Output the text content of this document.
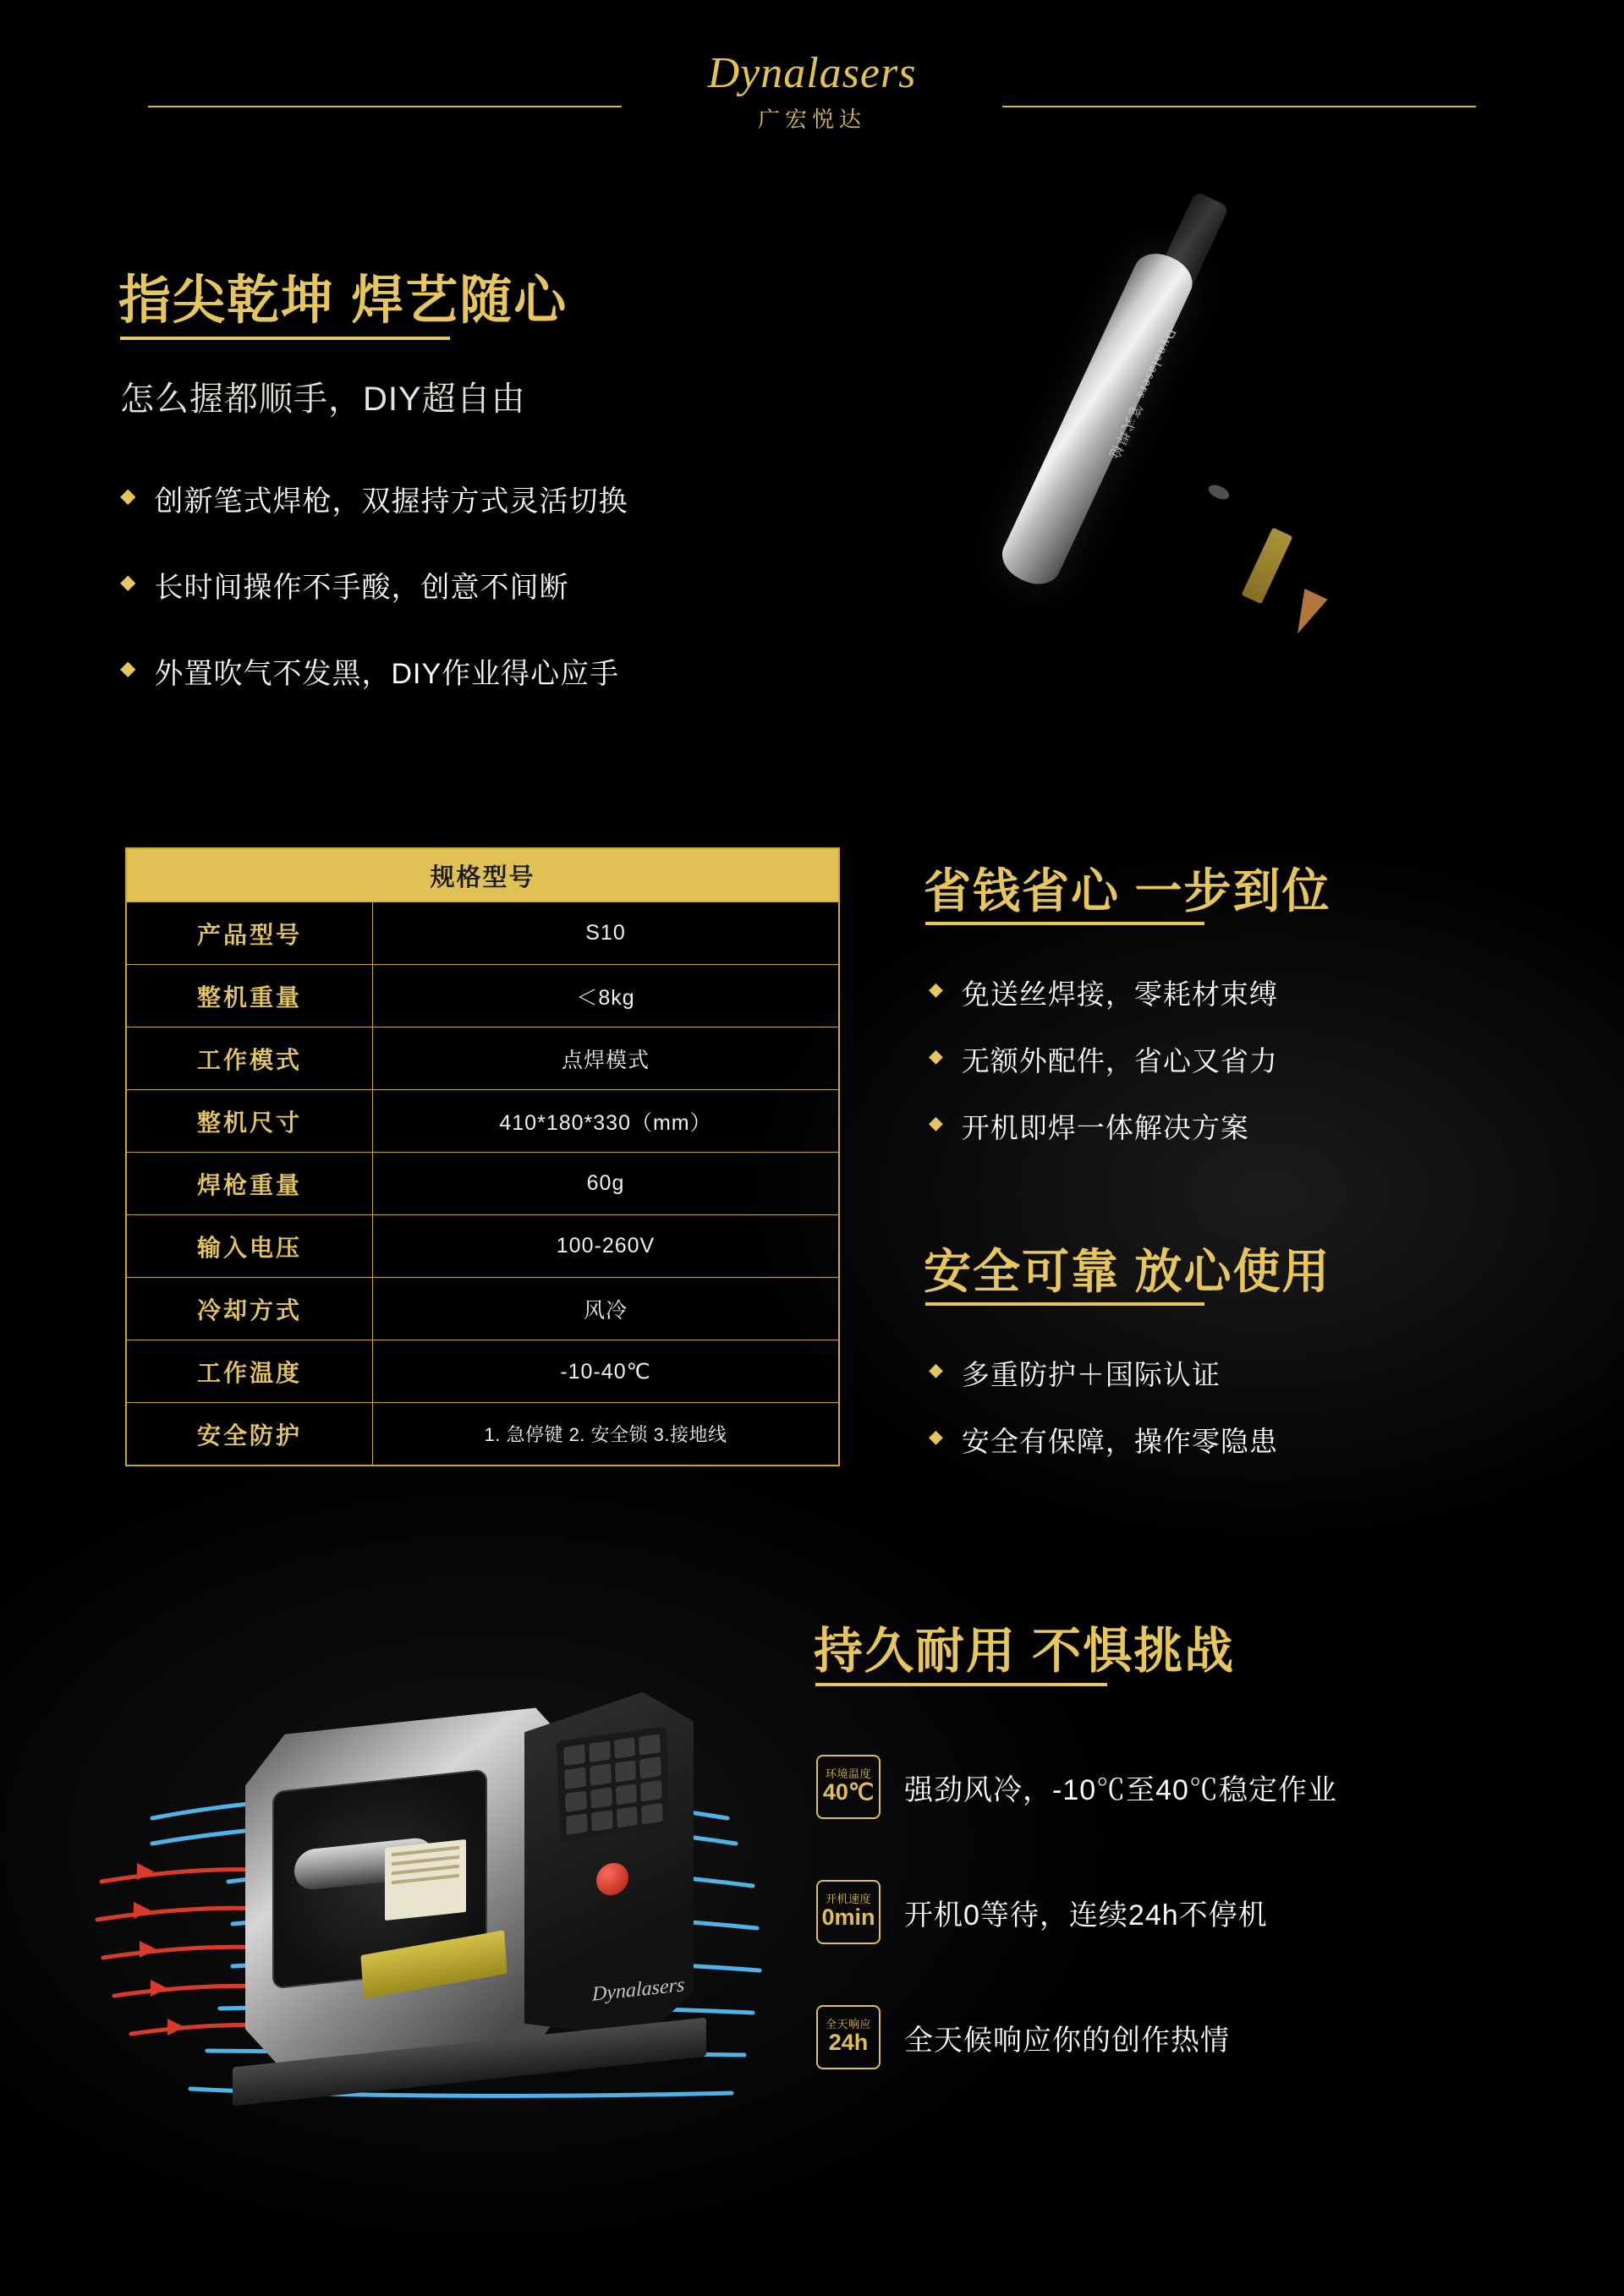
Dynalasers
广宏悦达
指尖乾坤 焊艺随心
怎么握都顺手，DIY超自由
◆ 创新笔式焊枪，双握持方式灵活切换
◆ 长时间操作不手酸，创意不间断
◆ 外置吹气不发黑，DIY作业得心应手
Dynalasers 笔式焊枪
规格型号
产品型号	S10
整机重量	＜8kg
工作模式	点焊模式
整机尺寸	410*180*330（mm）
焊枪重量	60g
输入电压	100-260V
冷却方式	风冷
工作温度	-10-40℃
安全防护	1. 急停键 2. 安全锁 3.接地线
省钱省心 一步到位
◆ 免送丝焊接，零耗材束缚
◆ 无额外配件，省心又省力
◆ 开机即焊一体解决方案
安全可靠 放心使用
◆ 多重防护＋国际认证
◆ 安全有保障，操作零隐患
持久耐用 不惧挑战
环境温度
40℃ 强劲风冷，-10℃至40℃稳定作业
开机速度
0min 开机0等待，连续24h不停机
全天响应
24h 全天候响应你的创作热情
Dynalasers
